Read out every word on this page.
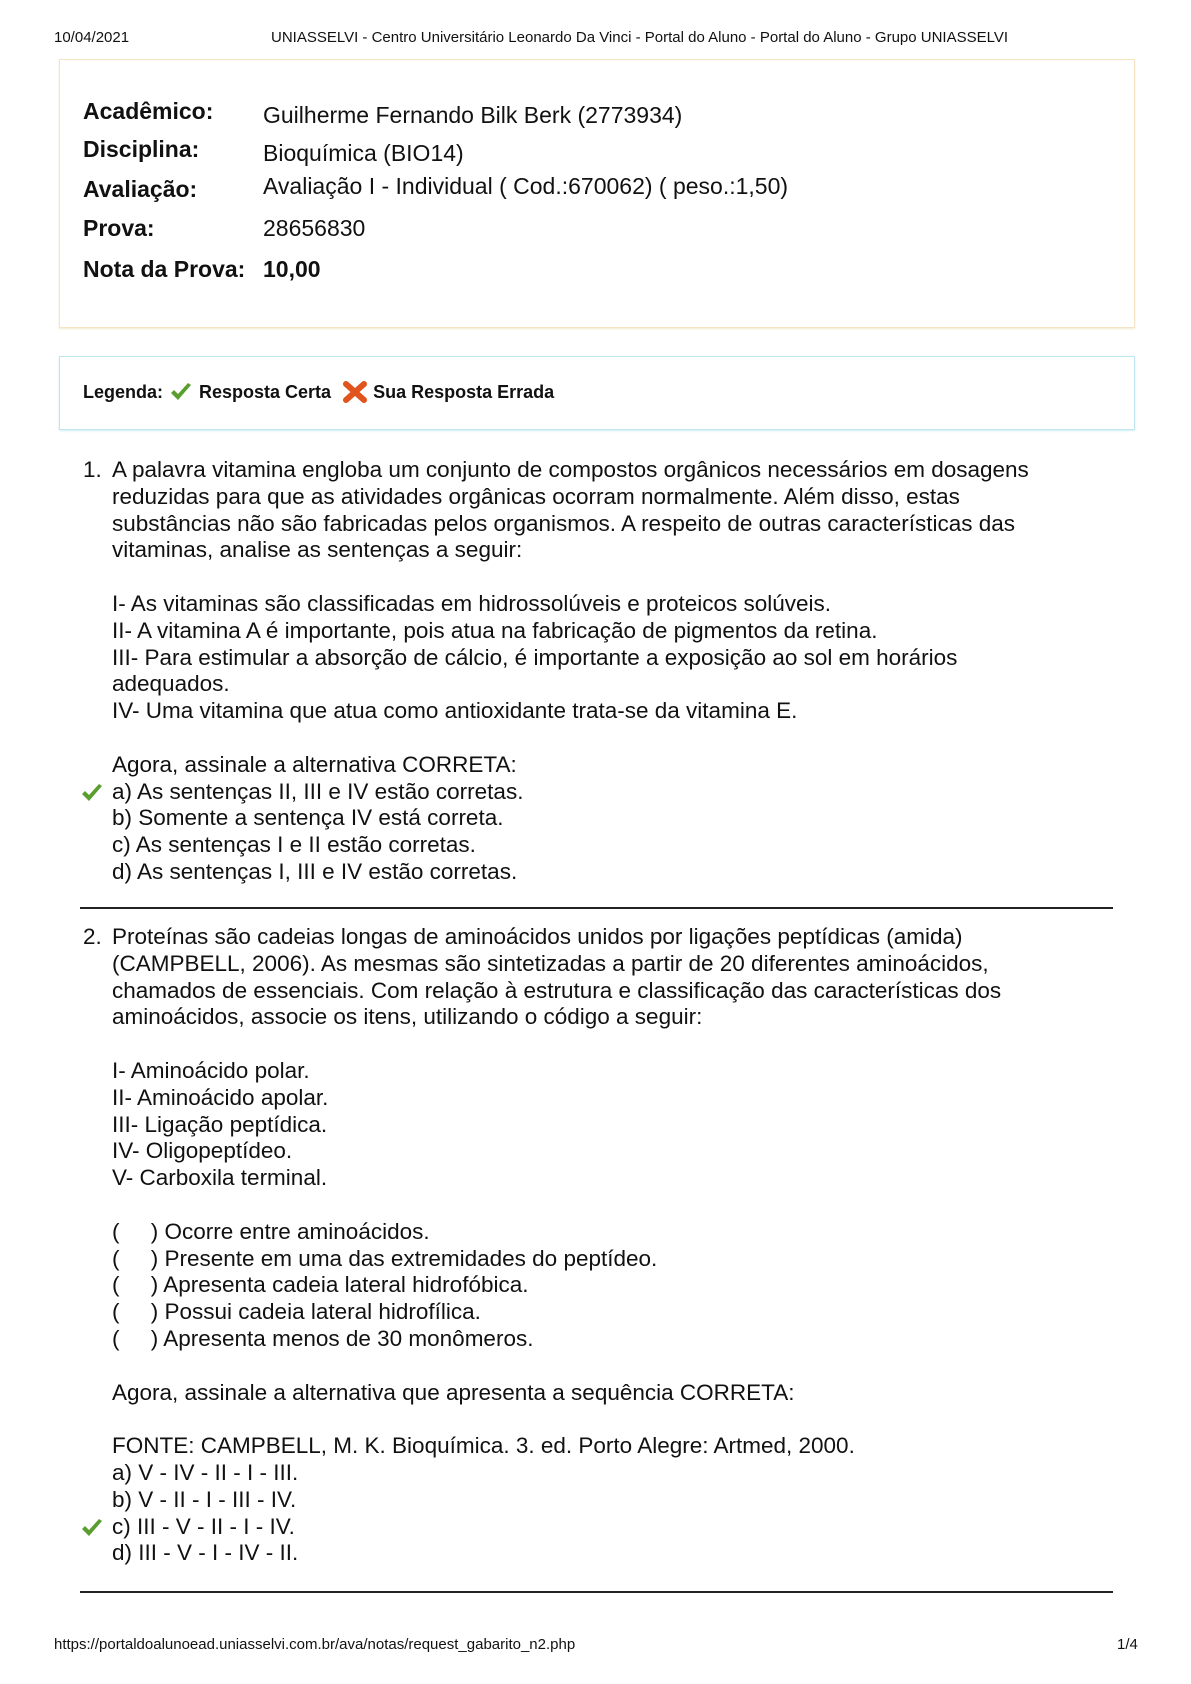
10/04/2021	UNIASSELVI - Centro Universitário Leonardo Da Vinci - Portal do Aluno - Portal do Aluno - Grupo UNIASSELVI
Acadêmico: Guilherme Fernando Bilk Berk (2773934)
Disciplina:	Bioquímica (BIO14)
Avaliação:	Avaliação I - Individual ( Cod.:670062) ( peso.:1,50)
Prova:	28656830
Nota da Prova: 10,00
Legenda: Resposta Certa Sua Resposta Errada
1. A palavra vitamina engloba um conjunto de compostos orgânicos necessários em dosagens

reduzidas para que as atividades orgânicas ocorram normalmente. Além disso, estas

substâncias não são fabricadas pelos organismos. A respeito de outras características das

vitaminas, analise as sentenças a seguir:

I- As vitaminas são classificadas em hidrossolúveis e proteicos solúveis.

II- A vitamina A é importante, pois atua na fabricação de pigmentos da retina.

III- Para estimular a absorção de cálcio, é importante a exposição ao sol em horários

adequados.

IV- Uma vitamina que atua como antioxidante trata-se da vitamina E.

Agora, assinale a alternativa CORRETA:

a) As sentenças II, III e IV estão corretas.

b) Somente a sentença IV está correta.

c) As sentenças I e II estão corretas.

d) As sentenças I, III e IV estão corretas.

2. Proteínas são cadeias longas de aminoácidos unidos por ligações peptídicas (amida)

(CAMPBELL, 2006). As mesmas são sintetizadas a partir de 20 diferentes aminoácidos,

chamados de essenciais. Com relação à estrutura e classificação das características dos

aminoácidos, associe os itens, utilizando o código a seguir:

I- Aminoácido polar.

II- Aminoácido apolar.

III- Ligação peptídica.

IV- Oligopeptídeo.

V- Carboxila terminal.

(     ) Ocorre entre aminoácidos.

(     ) Presente em uma das extremidades do peptídeo.

(     ) Apresenta cadeia lateral hidrofóbica.

(     ) Possui cadeia lateral hidrofílica.

(     ) Apresenta menos de 30 monômeros.

Agora, assinale a alternativa que apresenta a sequência CORRETA:

FONTE: CAMPBELL, M. K. Bioquímica. 3. ed. Porto Alegre: Artmed, 2000.

a) V - IV - II - I - III.

b) V - II - I - III - IV.

c) III - V - II - I - IV.

d) III - V - I - IV - II.

https://portaldoalunoead.uniasselvi.com.br/ava/notas/request_gabarito_n2.php	1/4
